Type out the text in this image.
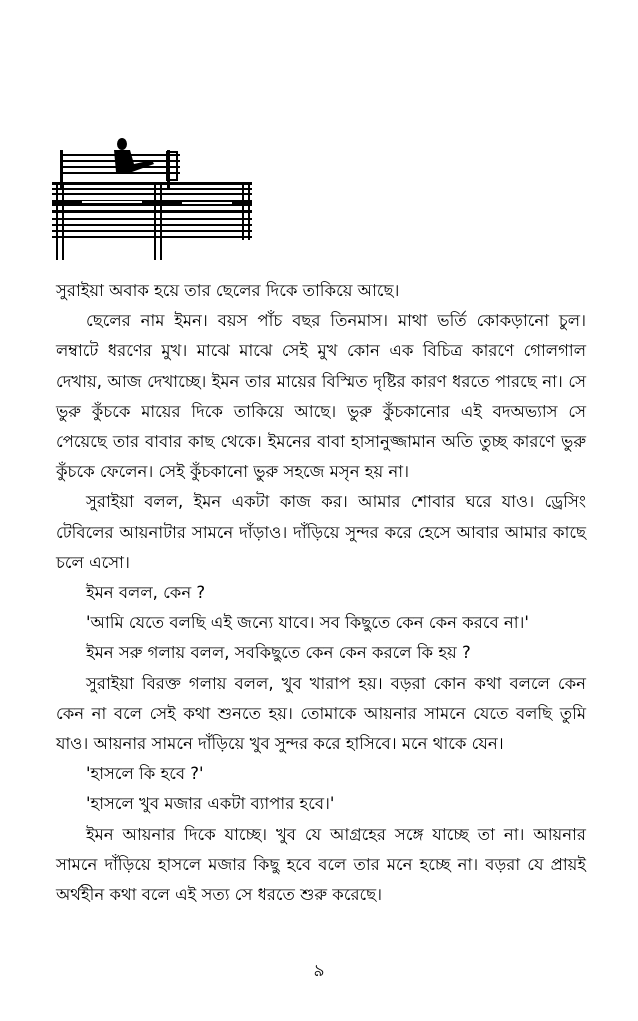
সুরাইয়া অবাক হয়ে তার ছেলের দিকে তাকিয়ে আছে।

ছেলের নাম ইমন। বয়স পাঁচ বছর তিনমাস। মাথা ভর্তি কোকড়ানো চুল। লম্বাটে ধরণের মুখ। মাঝে মাঝে সেই মুখ কোন এক বিচিত্র কারণে গোলগাল দেখায়, আজ দেখাচ্ছে। ইমন তার মায়ের বিস্মিত দৃষ্টির কারণ ধরতে পারছে না। সে ভুরু কুঁচকে মায়ের দিকে তাকিয়ে আছে। ভুরু কুঁচকানোর এই বদঅভ্যাস সে পেয়েছে তার বাবার কাছ থেকে। ইমনের বাবা হাসানুজ্জামান অতি তুচ্ছ কারণে ভুরু কুঁচকে ফেলেন। সেই কুঁচকানো ভুরু সহজে মসৃন হয় না।

সুরাইয়া বলল, ইমন একটা কাজ কর। আমার শোবার ঘরে যাও। ড্রেসিং টেবিলের আয়নাটার সামনে দাঁড়াও। দাঁড়িয়ে সুন্দর করে হেসে আবার আমার কাছে চলে এসো।

ইমন বলল, কেন ?

'আমি যেতে বলছি এই জন্যে যাবে। সব কিছুতে কেন কেন করবে না।'

ইমন সরু গলায় বলল, সবকিছুতে কেন কেন করলে কি হয় ?

সুরাইয়া বিরক্ত গলায় বলল, খুব খারাপ হয়। বড়রা কোন কথা বললে কেন কেন না বলে সেই কথা শুনতে হয়। তোমাকে আয়নার সামনে যেতে বলছি তুমি যাও। আয়নার সামনে দাঁড়িয়ে খুব সুন্দর করে হাসিবে। মনে থাকে যেন।

'হাসলে কি হবে ?'

'হাসলে খুব মজার একটা ব্যাপার হবে।'

ইমন আয়নার দিকে যাচ্ছে। খুব যে আগ্রহের সঙ্গে যাচ্ছে তা না। আয়নার সামনে দাঁড়িয়ে হাসলে মজার কিছু হবে বলে তার মনে হচ্ছে না। বড়রা যে প্রায়ই অর্থহীন কথা বলে এই সত্য সে ধরতে শুরু করেছে।

৯
